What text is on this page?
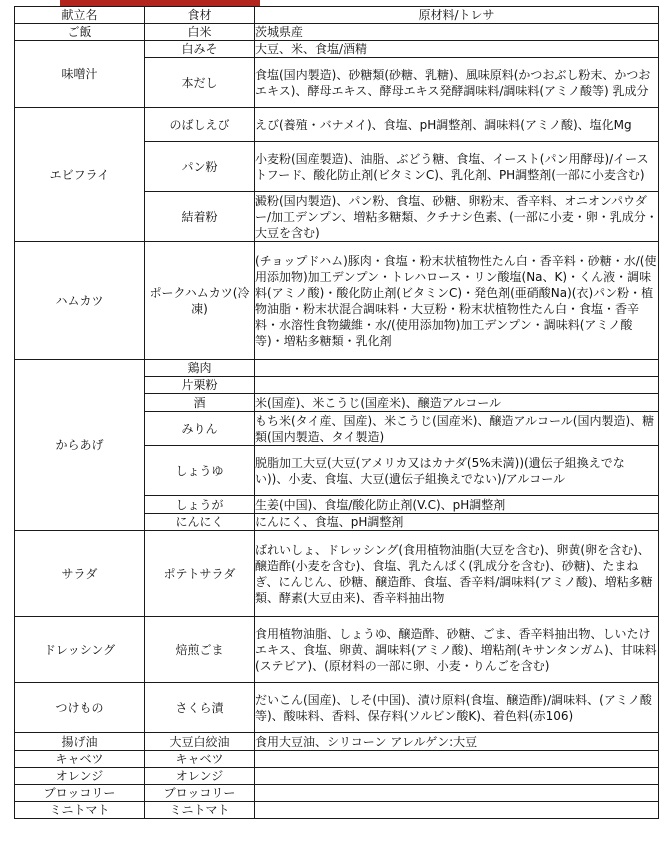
献立名	食材	原材料/トレサ
ご飯	白米	茨城県産

味噌汁	白みそ	大豆、米、食塩/酒精

	本だし	食塩(国内製造)、砂糖類(砂糖、乳糖)、風味原料(かつおぶし粉末、かつおエキス)、酵母エキス、酵母エキス発酵調味料/調味料(アミノ酸等) 乳成分

エビフライ	のばしえび	えび(養殖・バナメイ)、食塩、pH調整剤、調味料(アミノ酸)、塩化Mg

	パン粉	小麦粉(国産製造)、油脂、ぶどう糖、食塩、イースト(パン用酵母)/イーストフード、酸化防止剤(ビタミンC)、乳化剤、PH調整剤(一部に小麦含む)

	結着粉	澱粉(国内製造)、パン粉、食塩、砂糖、卵粉末、香辛料、オニオンパウダー/加工デンプン、増粘多糖類、クチナシ色素、(一部に小麦・卵・乳成分・大豆を含む)

ハムカツ	ポークハムカツ(冷凍)	(チョップドハム)豚肉・食塩・粉末状植物性たん白・香辛料・砂糖・水/(使用添加物)加工デンプン・トレハロース・リン酸塩(Na、K)・くん液・調味料(アミノ酸)・酸化防止剤(ビタミンC)・発色剤(亜硝酸Na)(衣)パン粉・植物油脂・粉末状混合調味料・大豆粉・粉末状植物性たん白・食塩・香辛料・水溶性食物繊維・水/(使用添加物)加工デンプン・調味料(アミノ酸等)・増粘多糖類・乳化剤

からあげ	鶏肉	

	片栗粉	

	酒	米(国産)、米こうじ(国産米)、醸造アルコール

	みりん	もち米(タイ産、国産)、米こうじ(国産米)、醸造アルコール(国内製造)、糖類(国内製造、タイ製造)

	しょうゆ	脱脂加工大豆(大豆(アメリカ又はカナダ(5%未満))(遺伝子組換えでない))、小麦、食塩、大豆(遺伝子組換えでない)/アルコール

	しょうが	生姜(中国)、食塩/酸化防止剤(V.C)、pH調整剤

	にんにく	にんにく、食塩、pH調整剤

サラダ	ポテトサラダ	ばれいしょ、ドレッシング(食用植物油脂(大豆を含む)、卵黄(卵を含む)、醸造酢(小麦を含む)、食塩、乳たんぱく(乳成分を含む)、砂糖)、たまねぎ、にんじん、砂糖、醸造酢、食塩、香辛料/調味料(アミノ酸)、増粘多糖類、酵素(大豆由来)、香辛料抽出物

ドレッシング	焙煎ごま	食用植物油脂、しょうゆ、醸造酢、砂糖、ごま、香辛料抽出物、しいたけエキス、食塩、卵黄、調味料(アミノ酸)、増粘剤(キサンタンガム)、甘味料(ステビア)、(原材料の一部に卵、小麦・りんごを含む)

つけもの	さくら漬	だいこん(国産)、しそ(中国)、漬け原料(食塩、醸造酢)/調味料、(アミノ酸等)、酸味料、香料、保存料(ソルビン酸K)、着色料(赤106)

揚げ油	大豆白絞油	食用大豆油、シリコーン アレルゲン:大豆

キャベツ	キャベツ	

オレンジ	オレンジ	

ブロッコリー	ブロッコリー	

ミニトマト	ミニトマト	
